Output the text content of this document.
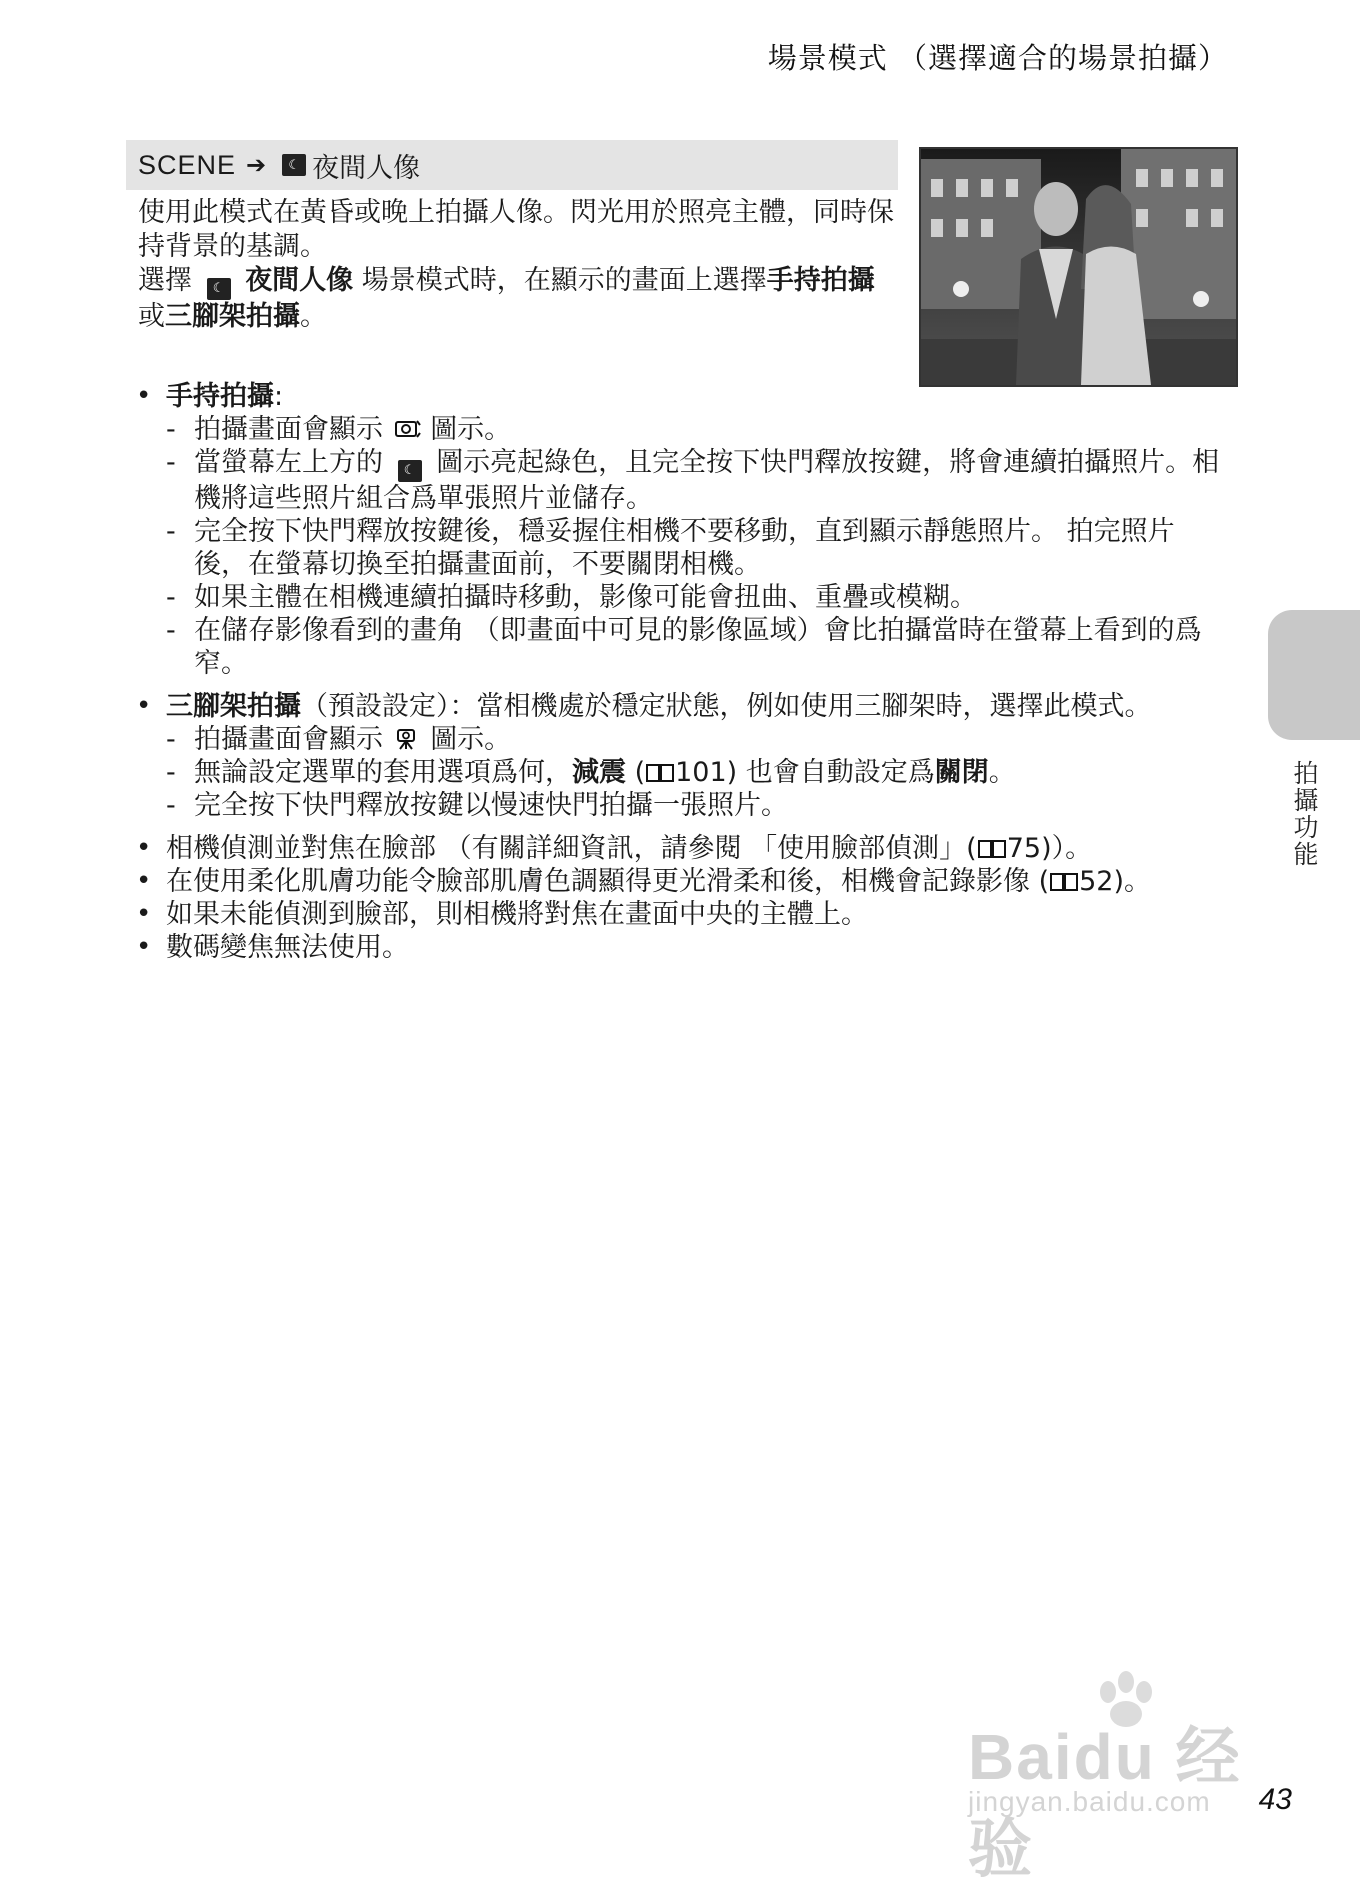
場景模式 （選擇適合的場景拍攝）
SCENE ➔	☾ 夜間人像

使用此模式在黃昏或晚上拍攝人像。閃光用於照亮主體，同時保持背景的基調。

選擇 ☾ 夜間人像 場景模式時，在顯示的畫面上選擇手持拍攝或三腳架拍攝。

• 手持拍攝:

- 拍攝畫面會顯示 圖示。

- 當螢幕左上方的 ☾ 圖示亮起綠色，且完全按下快門釋放按鍵，將會連續拍攝照片。相機將這些照片組合爲單張照片並儲存。

- 完全按下快門釋放按鍵後，穩妥握住相機不要移動，直到顯示靜態照片。 拍完照片後，在螢幕切換至拍攝畫面前，不要關閉相機。

- 如果主體在相機連續拍攝時移動，影像可能會扭曲、重疊或模糊。

- 在儲存影像看到的畫角 （即畫面中可見的影像區域）會比拍攝當時在螢幕上看到的爲窄。

• 三腳架拍攝（預設設定）：當相機處於穩定狀態，例如使用三腳架時，選擇此模式。

- 拍攝畫面會顯示 圖示。

- 無論設定選單的套用選項爲何，減震 ( 101) 也會自動設定爲關閉。

- 完全按下快門釋放按鍵以慢速快門拍攝一張照片。

• 相機偵測並對焦在臉部 （有關詳細資訊，請參閱 「使用臉部偵測」( 75)）。

• 在使用柔化肌膚功能令臉部肌膚色調顯得更光滑柔和後，相機會記錄影像 ( 52)。

• 如果未能偵測到臉部，則相機將對焦在畫面中央的主體上。

• 數碼變焦無法使用。

拍攝功能
Baidu 经验
jingyan.baidu.com 43
